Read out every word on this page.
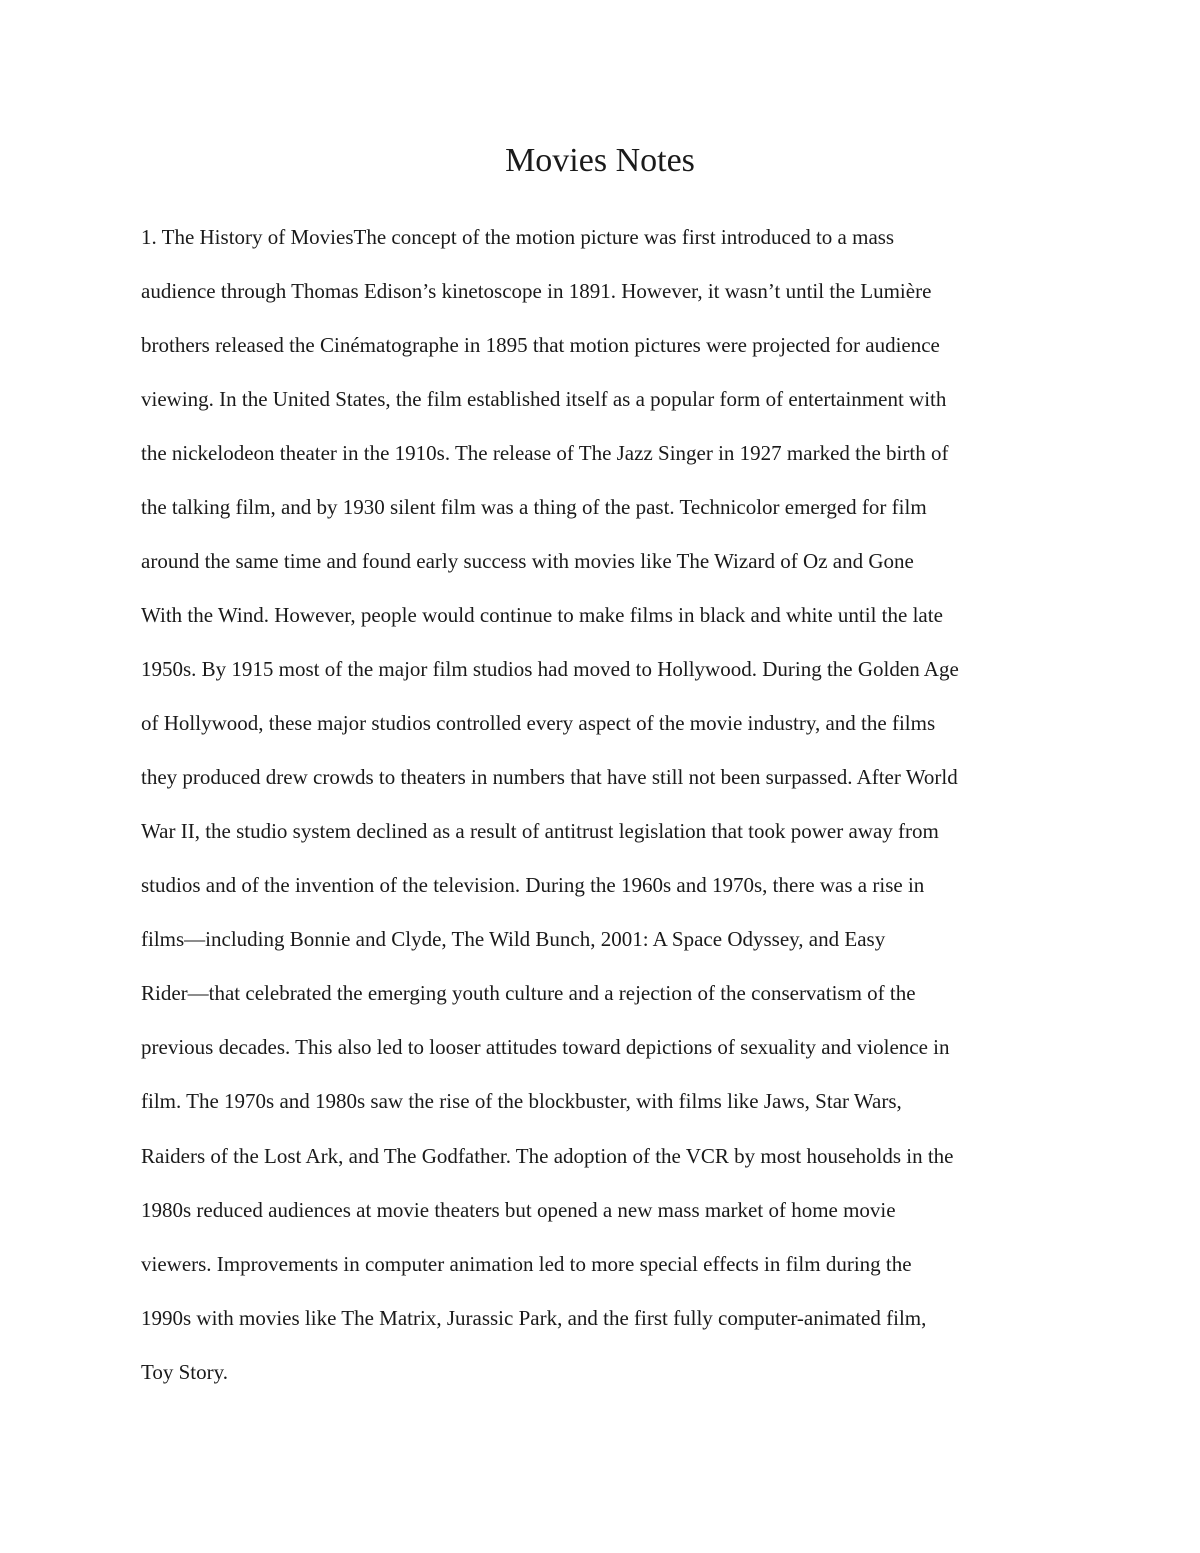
Movies Notes

1. The History of MoviesThe concept of the motion picture was first introduced to a mass

audience through Thomas Edison’s kinetoscope in 1891. However, it wasn’t until the Lumière

brothers released the Cinématographe in 1895 that motion pictures were projected for audience

viewing. In the United States, the film established itself as a popular form of entertainment with

the nickelodeon theater in the 1910s. The release of The Jazz Singer in 1927 marked the birth of

the talking film, and by 1930 silent film was a thing of the past. Technicolor emerged for film

around the same time and found early success with movies like The Wizard of Oz and Gone

With the Wind. However, people would continue to make films in black and white until the late

1950s. By 1915 most of the major film studios had moved to Hollywood. During the Golden Age

of Hollywood, these major studios controlled every aspect of the movie industry, and the films

they produced drew crowds to theaters in numbers that have still not been surpassed. After World

War II, the studio system declined as a result of antitrust legislation that took power away from

studios and of the invention of the television. During the 1960s and 1970s, there was a rise in

films—including Bonnie and Clyde, The Wild Bunch, 2001: A Space Odyssey, and Easy

Rider—that celebrated the emerging youth culture and a rejection of the conservatism of the

previous decades. This also led to looser attitudes toward depictions of sexuality and violence in

film. The 1970s and 1980s saw the rise of the blockbuster, with films like Jaws, Star Wars,

Raiders of the Lost Ark, and The Godfather. The adoption of the VCR by most households in the

1980s reduced audiences at movie theaters but opened a new mass market of home movie

viewers. Improvements in computer animation led to more special effects in film during the

1990s with movies like The Matrix, Jurassic Park, and the first fully computer-animated film,

Toy Story.
